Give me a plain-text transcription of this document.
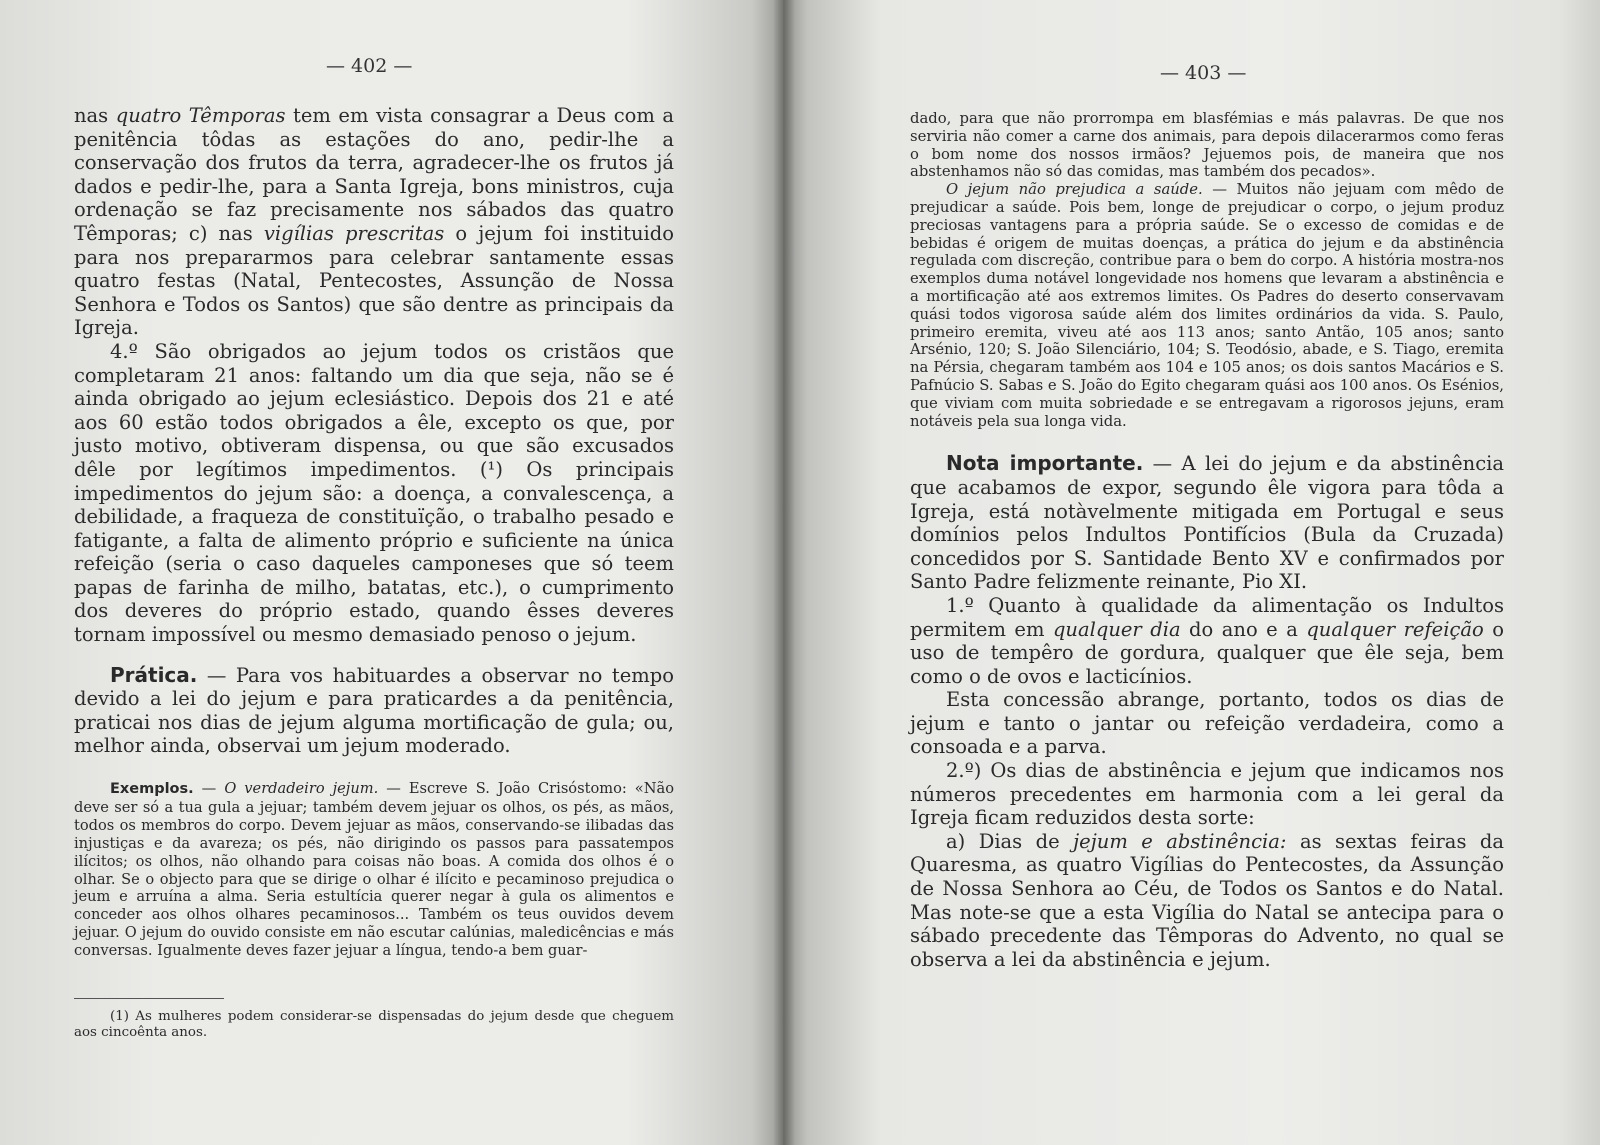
— 402 —

nas quatro Têmporas tem em vista consagrar a Deus com a penitência tôdas as estações do ano, pedir-lhe a conservação dos frutos da terra, agradecer-lhe os frutos já dados e pedir-lhe, para a Santa Igreja, bons ministros, cuja ordenação se faz precisamente nos sábados das quatro Têmporas; c) nas vigílias prescritas o jejum foi instituido para nos prepararmos para celebrar santamente essas quatro festas (Natal, Pentecostes, Assunção de Nossa Senhora e Todos os Santos) que são dentre as principais da Igreja.

4.º São obrigados ao jejum todos os cristãos que completaram 21 anos: faltando um dia que seja, não se é ainda obrigado ao jejum eclesiástico. Depois dos 21 e até aos 60 estão todos obrigados a êle, excepto os que, por justo motivo, obtiveram dispensa, ou que são excusados dêle por legítimos impedimentos. (¹) Os principais impedimentos do jejum são: a doença, a convalescença, a debilidade, a fraqueza de constituïção, o trabalho pesado e fatigante, a falta de alimento próprio e suficiente na única refeição (seria o caso daqueles camponeses que só teem papas de farinha de milho, batatas, etc.), o cumprimento dos deveres do próprio estado, quando êsses deveres tornam impossível ou mesmo demasiado penoso o jejum.

Prática. — Para vos habituardes a observar no tempo devido a lei do jejum e para praticardes a da penitência, praticai nos dias de jejum alguma mortificação de gula; ou, melhor ainda, observai um jejum moderado.

Exemplos. — O verdadeiro jejum. — Escreve S. João Crisóstomo: «Não deve ser só a tua gula a jejuar; também devem jejuar os olhos, os pés, as mãos, todos os membros do corpo. Devem jejuar as mãos, conservando-se ilibadas das injustiças e da avareza; os pés, não dirigindo os passos para passatempos ilícitos; os olhos, não olhando para coisas não boas. A comida dos olhos é o olhar. Se o objecto para que se dirige o olhar é ilícito e pecaminoso prejudica o jeum e arruína a alma. Seria estultícia querer negar à gula os alimentos e conceder aos olhos olhares pecaminosos... Também os teus ouvidos devem jejuar. O jejum do ouvido consiste em não escutar calúnias, maledicências e más conversas. Igualmente deves fazer jejuar a língua, tendo-a bem guar-

(1) As mulheres podem considerar-se dispensadas do jejum desde que cheguem aos cincoênta anos.

— 403 —

dado, para que não prorrompa em blasfémias e más palavras. De que nos serviria não comer a carne dos animais, para depois dilacerarmos como feras o bom nome dos nossos irmãos? Jejuemos pois, de maneira que nos abstenhamos não só das comidas, mas também dos pecados».

O jejum não prejudica a saúde. — Muitos não jejuam com mêdo de prejudicar a saúde. Pois bem, longe de prejudicar o corpo, o jejum produz preciosas vantagens para a própria saúde. Se o excesso de comidas e de bebidas é origem de muitas doenças, a prática do jejum e da abstinência regulada com discreção, contribue para o bem do corpo. A história mostra-nos exemplos duma notável longevidade nos homens que levaram a abstinência e a mortificação até aos extremos limites. Os Padres do deserto conservavam quási todos vigorosa saúde além dos limites ordinários da vida. S. Paulo, primeiro eremita, viveu até aos 113 anos; santo Antão, 105 anos; santo Arsénio, 120; S. João Silenciário, 104; S. Teodósio, abade, e S. Tiago, eremita na Pérsia, chegaram também aos 104 e 105 anos; os dois santos Macários e S. Pafnúcio S. Sabas e S. João do Egito chegaram quási aos 100 anos. Os Esénios, que viviam com muita sobriedade e se entregavam a rigorosos jejuns, eram notáveis pela sua longa vida.

Nota importante. — A lei do jejum e da abstinência que acabamos de expor, segundo êle vigora para tôda a Igreja, está notàvelmente mitigada em Portugal e seus domínios pelos Indultos Pontifícios (Bula da Cruzada) concedidos por S. Santidade Bento XV e confirmados por Santo Padre felizmente reinante, Pio XI.

1.º Quanto à qualidade da alimentação os Indultos permitem em qualquer dia do ano e a qualquer refeição o uso de tempêro de gordura, qualquer que êle seja, bem como o de ovos e lacticínios.

Esta concessão abrange, portanto, todos os dias de jejum e tanto o jantar ou refeição verdadeira, como a consoada e a parva.

2.º) Os dias de abstinência e jejum que indicamos nos números precedentes em harmonia com a lei geral da Igreja ficam reduzidos desta sorte:

a) Dias de jejum e abstinência: as sextas feiras da Quaresma, as quatro Vigílias do Pentecostes, da Assunção de Nossa Senhora ao Céu, de Todos os Santos e do Natal. Mas note-se que a esta Vigília do Natal se antecipa para o sábado precedente das Têmporas do Advento, no qual se observa a lei da abstinência e jejum.
